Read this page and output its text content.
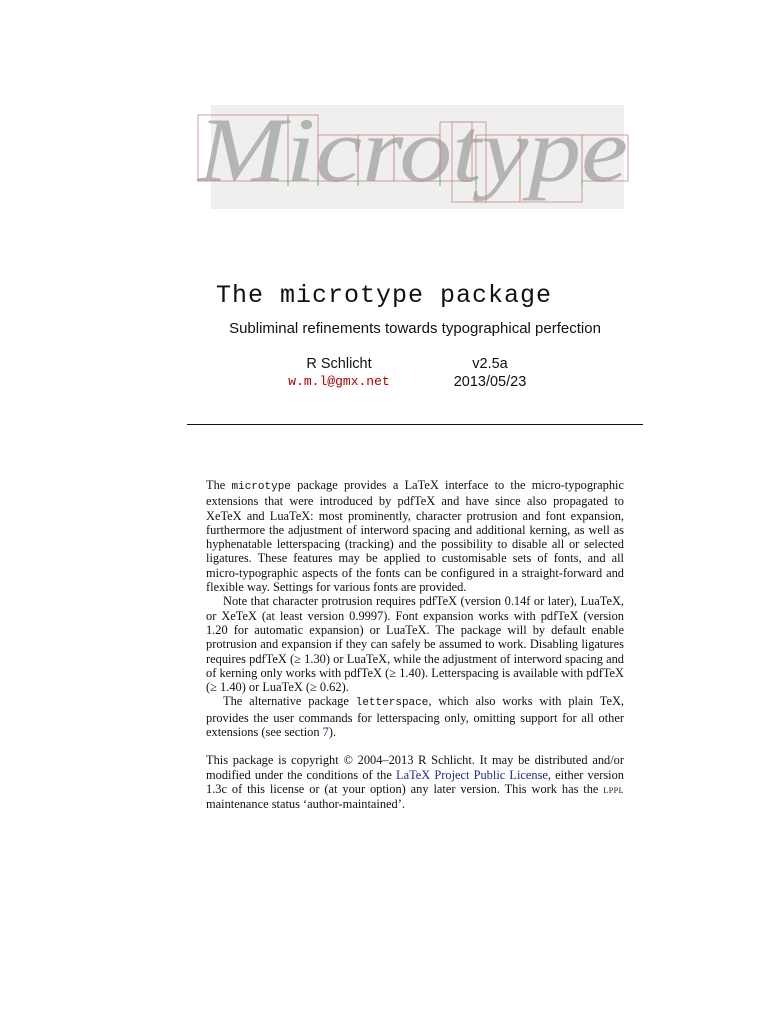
Microtype
The microtype package
Subliminal refinements towards typographical perfection
R Schlicht
w.m.l@gmx.net
v2.5a
2013/05/23

The microtype package provides a LaTeX interface to the micro-typographic extensions that were introduced by pdfTeX and have since also propagated to XeTeX and LuaTeX: most prominently, character protrusion and font expansion, furthermore the adjustment of interword spacing and additional kerning, as well as hyphenatable letterspacing (tracking) and the possibility to disable all or selected ligatures. These features may be applied to customisable sets of fonts, and all micro-typographic aspects of the fonts can be configured in a straight-forward and flexible way. Settings for various fonts are provided.

Note that character protrusion requires pdfTeX (version 0.14f or later), LuaTeX, or XeTeX (at least version 0.9997). Font expansion works with pdfTeX (version 1.20 for automatic expansion) or LuaTeX. The package will by default enable protrusion and expansion if they can safely be assumed to work. Disabling ligatures requires pdfTeX (≥ 1.30) or LuaTeX, while the adjustment of interword spacing and of kerning only works with pdfTeX (≥ 1.40). Letterspacing is available with pdfTeX (≥ 1.40) or LuaTeX (≥ 0.62).

The alternative package letterspace, which also works with plain TeX, provides the user commands for letterspacing only, omitting support for all other extensions (see section 7).

This package is copyright © 2004–2013 R Schlicht. It may be distributed and/or modified under the conditions of the LaTeX Project Public License, either version 1.3c of this license or (at your option) any later version. This work has the lppl maintenance status ‘author-maintained’.
